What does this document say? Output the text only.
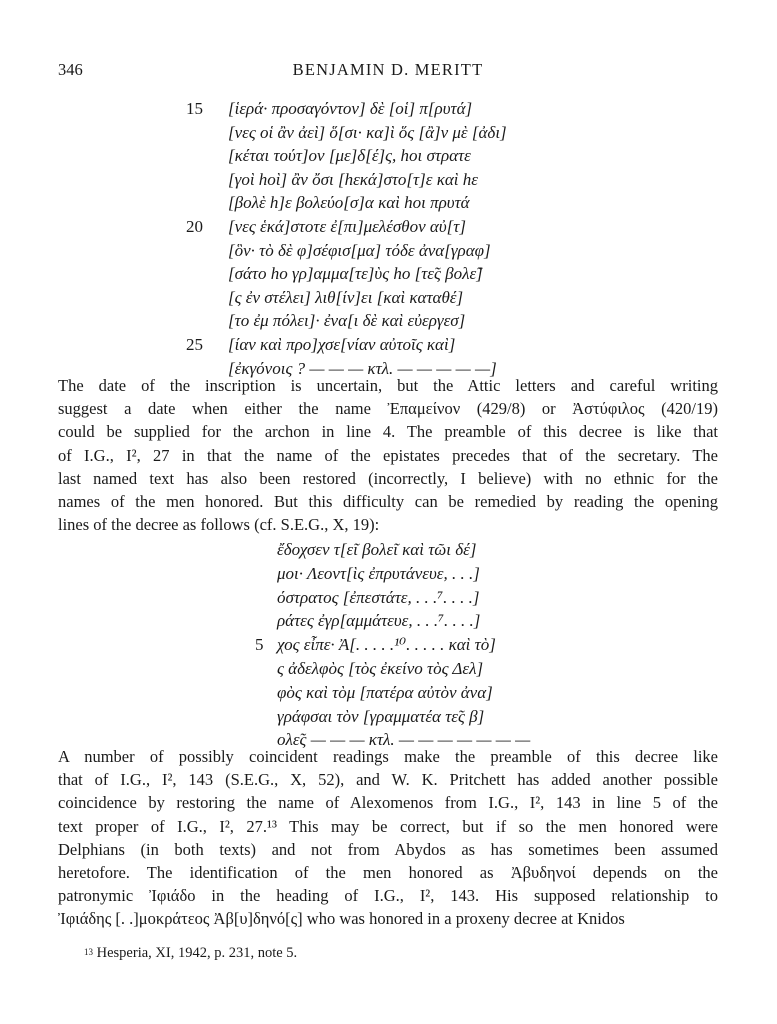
346	BENJAMIN D. MERITT
15 [ἱερά· προσαγόντον] δὲ [οἱ] π[ρυτά]
[νες οἱ ἂν ἀεὶ] ὅ[σι· κα]ὶ ὅς [ἂ]ν μὲ [ἀδι]
[κέται τούτ]ον [με]δ[έ]ς, hοι στρατε
[γοὶ hοὶ] ἂν ὄσι [hεκά]στο[τ]ε καὶ hε
[βολὲ h]ε βολεύο[σ]α καὶ hοι πρυτά
20 [νες ἑκά]στοτε ἐ[πι]μελέσθον αὐ[τ]
[ὃν· τὸ δὲ φ]σέφισ[μα] τόδε ἀνα[γραφ]
[σάτο hο γρ]αμμα[τε]ὺς hο [τε̃ς βολε̃]
[ς ἐν στέλει] λιθ[ίν]ει [καὶ καταθέ]
[το ἐμ πόλει]· ἐνα[ι δὲ καὶ εὐεργεσ]
25 [ίαν καὶ προ]χσε[νίαν αὐτοῖς καὶ]
[ἐκγόνοις ? — — — κτλ. — — — — —]
The date of the inscription is uncertain, but the Attic letters and careful writing
suggest a date when either the name Ἐπαμείνον (429/8) or Ἀστύφιλος (420/19)
could be supplied for the archon in line 4. The preamble of this decree is like that
of I.G., I², 27 in that the name of the epistates precedes that of the secretary. The
last named text has also been restored (incorrectly, I believe) with no ethnic for the
names of the men honored. But this difficulty can be remedied by reading the opening
lines of the decree as follows (cf. S.E.G., X, 19):
ἔδοχσεν τ[ε̃ι βολε̃ι καὶ τῶι δέ]
μοι· Λεοντ[ὶς ἐπρυτάνευε, . . .]
όστρατος [ἐπεστάτε, . . .⁷. . . .]
ράτες ἐγρ[αμμάτευε, . . .⁷. . . .]
5 χος εἶπε· Ἀ[. . . . .¹⁰. . . . . καὶ τὸ]
ς ἀδελφὸς [τὸς ἐκείνο τὸς Δελ]
φὸς καὶ τὸμ [πατέρα αὐτὸν ἀνα]
γράφσαι τὸν [γραμματέα τε̃ς β]
ολε̃ς — — — κτλ. — — — — — — —
A number of possibly coincident readings make the preamble of this decree like
that of I.G., I², 143 (S.E.G., X, 52), and W. K. Pritchett has added another possible
coincidence by restoring the name of Alexomenos from I.G., I², 143 in line 5 of the
text proper of I.G., I², 27.¹³ This may be correct, but if so the men honored were
Delphians (in both texts) and not from Abydos as has sometimes been assumed
heretofore. The identification of the men honored as Ἀβυδηνοί depends on the
patronymic Ἰφιάδο in the heading of I.G., I², 143. His supposed relationship to
Ἰφιάδης [. .]μοκράτεος Ἀβ[υ]δηνό[ς] who was honored in a proxeny decree at Knidos
$^{13}$ Hesperia, XI, 1942, p. 231, note 5.
